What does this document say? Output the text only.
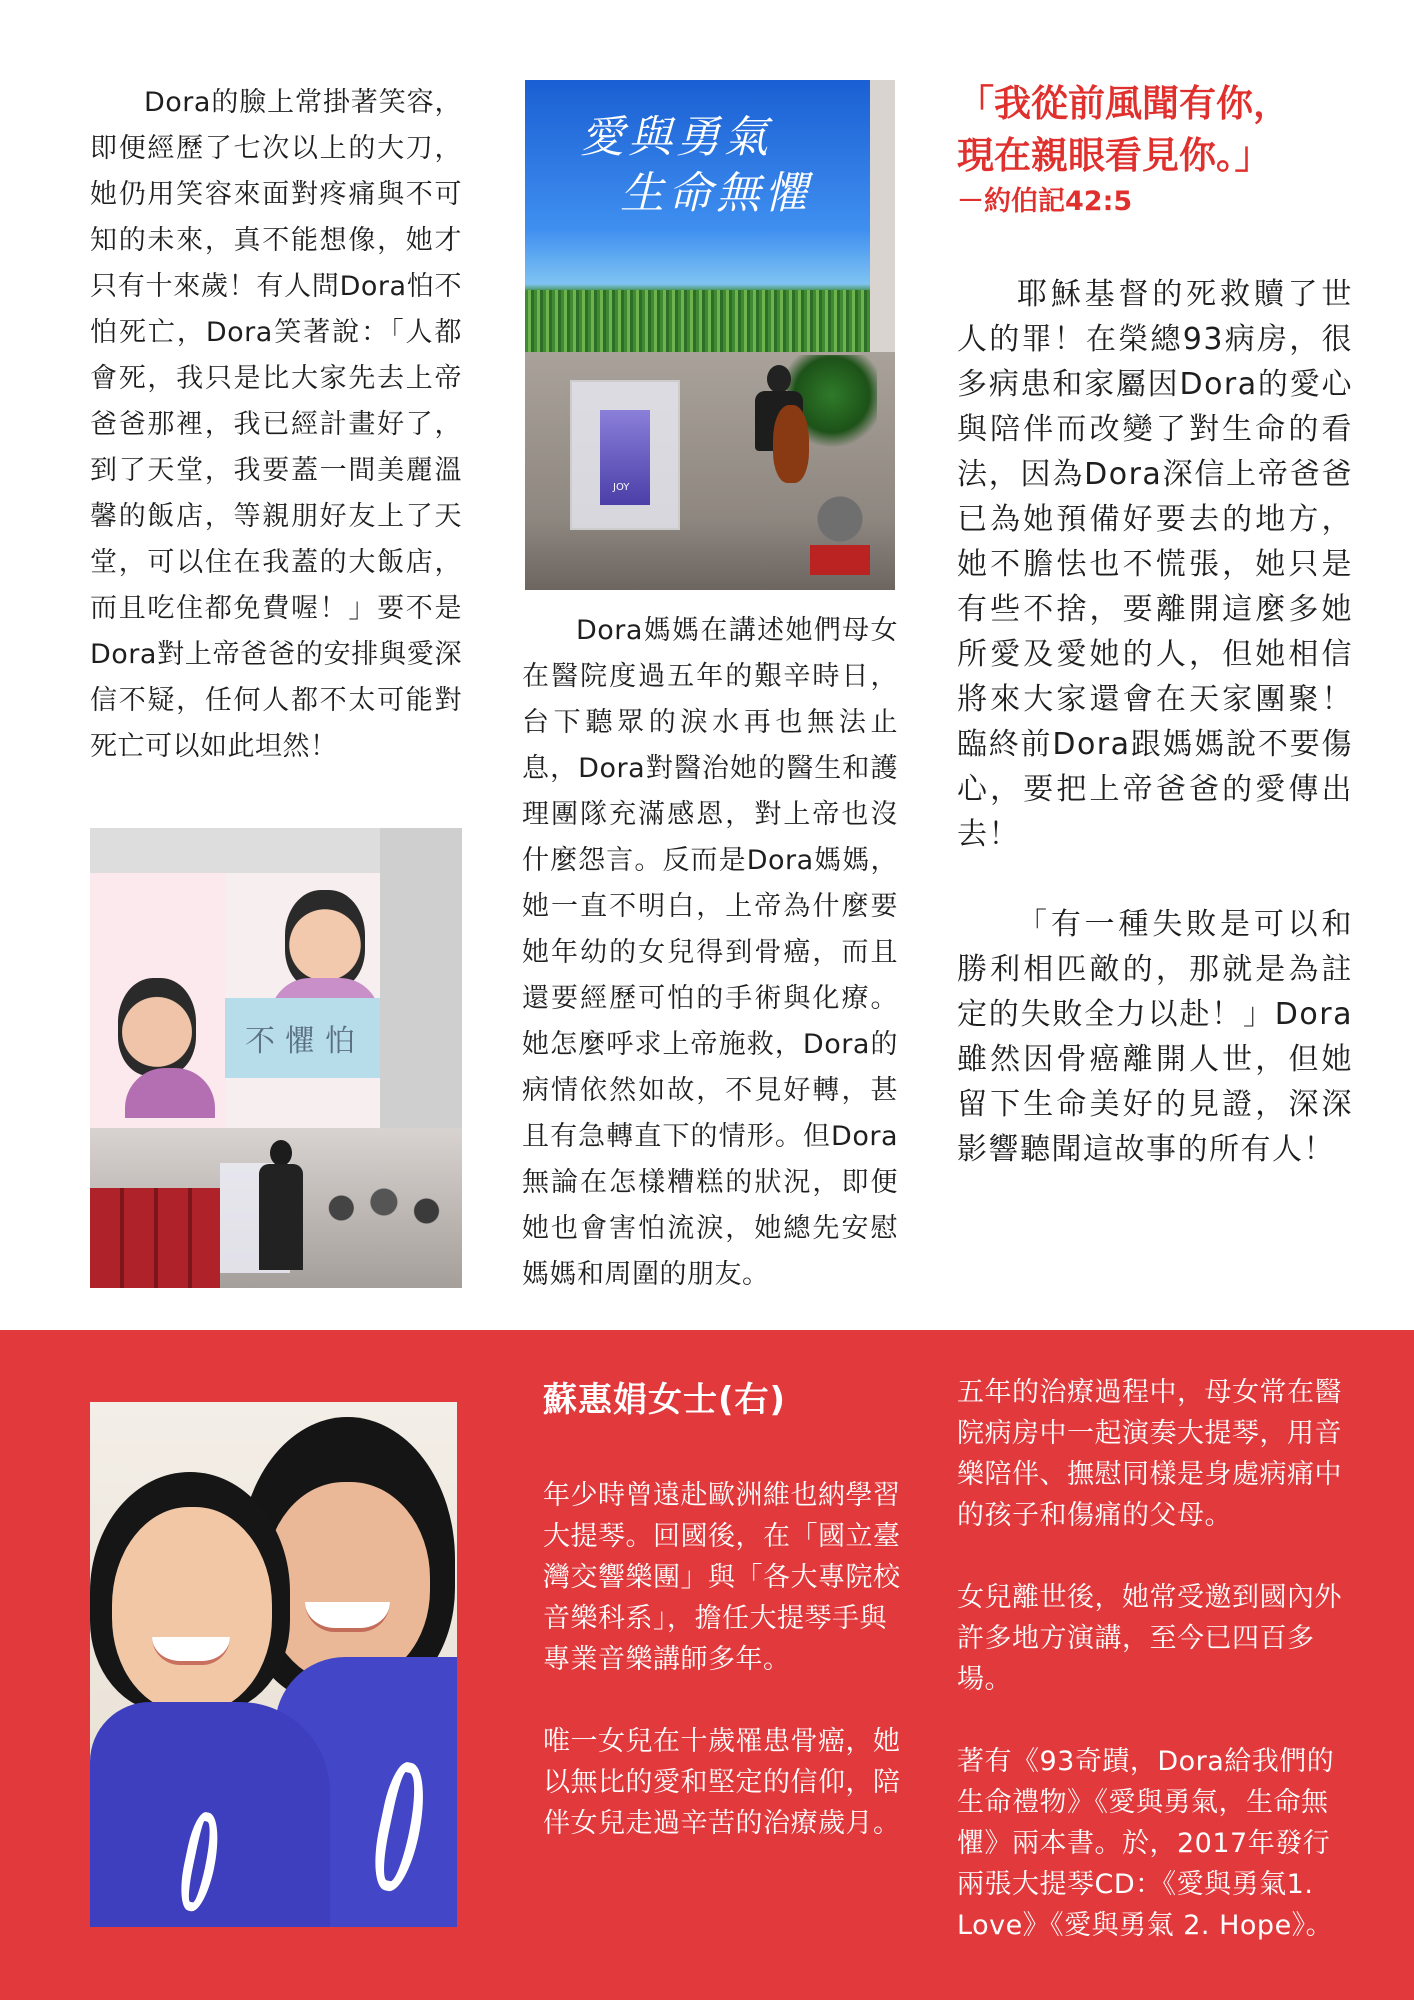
Dora的臉上常掛著笑容，即便經歷了七次以上的大刀，她仍用笑容來面對疼痛與不可知的未來，真不能想像，她才只有十來歲！有人問Dora怕不怕死亡，Dora笑著說：「人都會死，我只是比大家先去上帝爸爸那裡，我已經計畫好了，到了天堂，我要蓋一間美麗溫馨的飯店，等親朋好友上了天堂，可以住在我蓋的大飯店，而且吃住都免費喔！」要不是Dora對上帝爸爸的安排與愛深信不疑，任何人都不太可能對死亡可以如此坦然！

愛與勇氣
生命無懼
JOY

Dora媽媽在講述她們母女在醫院度過五年的艱辛時日，台下聽眾的淚水再也無法止息，Dora對醫治她的醫生和護理團隊充滿感恩，對上帝也沒什麼怨言。反而是Dora媽媽，她一直不明白，上帝為什麼要她年幼的女兒得到骨癌，而且還要經歷可怕的手術與化療。她怎麼呼求上帝施救，Dora的病情依然如故，不見好轉，甚且有急轉直下的情形。但Dora無論在怎樣糟糕的狀況，即便她也會害怕流淚，她總先安慰媽媽和周圍的朋友。

不懼怕
「我從前風聞有你，
現在親眼看見你。」
－約伯記42:5

耶穌基督的死救贖了世人的罪！在榮總93病房，很多病患和家屬因Dora的愛心與陪伴而改變了對生命的看法，因為Dora深信上帝爸爸已為她預備好要去的地方，她不膽怯也不慌張，她只是有些不捨，要離開這麼多她所愛及愛她的人，但她相信將來大家還會在天家團聚！臨終前Dora跟媽媽說不要傷心，要把上帝爸爸的愛傳出去！

「有一種失敗是可以和勝利相匹敵的，那就是為註定的失敗全力以赴！」Dora雖然因骨癌離開人世，但她留下生命美好的見證，深深影響聽聞這故事的所有人！

蘇惠娟女士(右)

年少時曾遠赴歐洲維也納學習大提琴。回國後，在「國立臺灣交響樂團」與「各大專院校音樂科系」，擔任大提琴手與專業音樂講師多年。

唯一女兒在十歲罹患骨癌，她以無比的愛和堅定的信仰，陪伴女兒走過辛苦的治療歲月。

五年的治療過程中，母女常在醫院病房中一起演奏大提琴，用音樂陪伴、撫慰同樣是身處病痛中的孩子和傷痛的父母。

女兒離世後，她常受邀到國內外許多地方演講，至今已四百多場。

著有《93奇蹟，Dora給我們的生命禮物》《愛與勇氣，生命無懼》兩本書。於，2017年發行兩張大提琴CD：《愛與勇氣1. Love》《愛與勇氣 2. Hope》。
